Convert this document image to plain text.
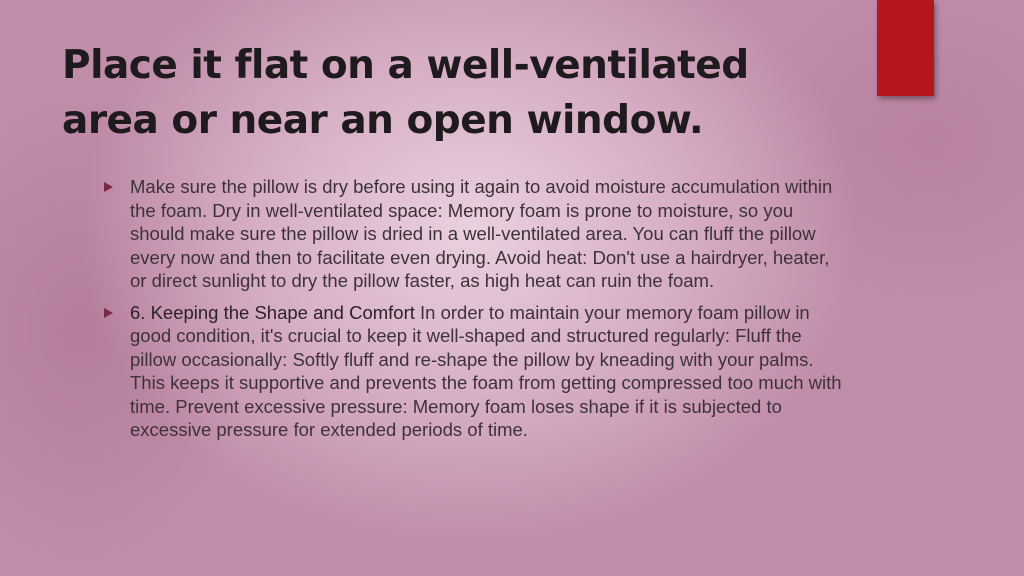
Place it flat on a well-ventilated area or near an open window.
Make sure the pillow is dry before using it again to avoid moisture accumulation within the foam. Dry in well-ventilated space: Memory foam is prone to moisture, so you should make sure the pillow is dried in a well-ventilated area. You can fluff the pillow every now and then to facilitate even drying. Avoid heat: Don't use a hairdryer, heater, or direct sunlight to dry the pillow faster, as high heat can ruin the foam.
6. Keeping the Shape and Comfort In order to maintain your memory foam pillow in good condition, it's crucial to keep it well-shaped and structured regularly: Fluff the pillow occasionally: Softly fluff and re-shape the pillow by kneading with your palms. This keeps it supportive and prevents the foam from getting compressed too much with time. Prevent excessive pressure: Memory foam loses shape if it is subjected to excessive pressure for extended periods of time.
